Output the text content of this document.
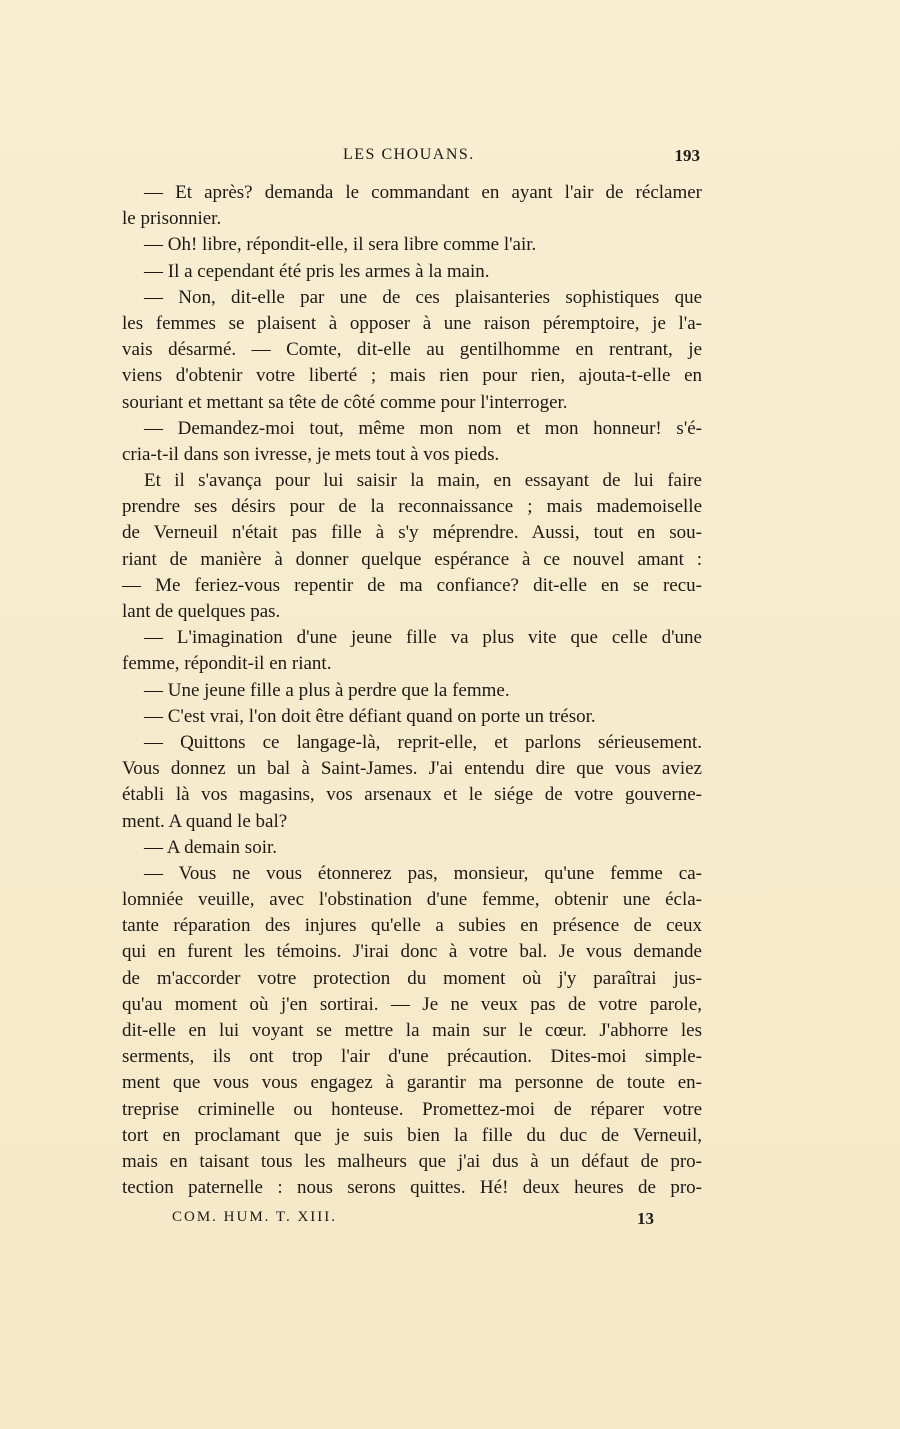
LES CHOUANS.	193
— Et après? demanda le commandant en ayant l'air de réclamer
le prisonnier.
— Oh! libre, répondit-elle, il sera libre comme l'air.
— Il a cependant été pris les armes à la main.
— Non, dit-elle par une de ces plaisanteries sophistiques que
les femmes se plaisent à opposer à une raison péremptoire, je l'a-
vais désarmé. — Comte, dit-elle au gentilhomme en rentrant, je
viens d'obtenir votre liberté ; mais rien pour rien, ajouta-t-elle en
souriant et mettant sa tête de côté comme pour l'interroger.
— Demandez-moi tout, même mon nom et mon honneur! s'é-
cria-t-il dans son ivresse, je mets tout à vos pieds.
Et il s'avança pour lui saisir la main, en essayant de lui faire
prendre ses désirs pour de la reconnaissance ; mais mademoiselle
de Verneuil n'était pas fille à s'y méprendre. Aussi, tout en sou-
riant de manière à donner quelque espérance à ce nouvel amant :
— Me feriez-vous repentir de ma confiance? dit-elle en se recu-
lant de quelques pas.
— L'imagination d'une jeune fille va plus vite que celle d'une
femme, répondit-il en riant.
— Une jeune fille a plus à perdre que la femme.
— C'est vrai, l'on doit être défiant quand on porte un trésor.
— Quittons ce langage-là, reprit-elle, et parlons sérieusement.
Vous donnez un bal à Saint-James. J'ai entendu dire que vous aviez
établi là vos magasins, vos arsenaux et le siége de votre gouverne-
ment. A quand le bal?
— A demain soir.
— Vous ne vous étonnerez pas, monsieur, qu'une femme ca-
lomniée veuille, avec l'obstination d'une femme, obtenir une écla-
tante réparation des injures qu'elle a subies en présence de ceux
qui en furent les témoins. J'irai donc à votre bal. Je vous demande
de m'accorder votre protection du moment où j'y paraîtrai jus-
qu'au moment où j'en sortirai. — Je ne veux pas de votre parole,
dit-elle en lui voyant se mettre la main sur le cœur. J'abhorre les
serments, ils ont trop l'air d'une précaution. Dites-moi simple-
ment que vous vous engagez à garantir ma personne de toute en-
treprise criminelle ou honteuse. Promettez-moi de réparer votre
tort en proclamant que je suis bien la fille du duc de Verneuil,
mais en taisant tous les malheurs que j'ai dus à un défaut de pro-
tection paternelle : nous serons quittes. Hé! deux heures de pro-
COM. HUM. T. XIII.	13
